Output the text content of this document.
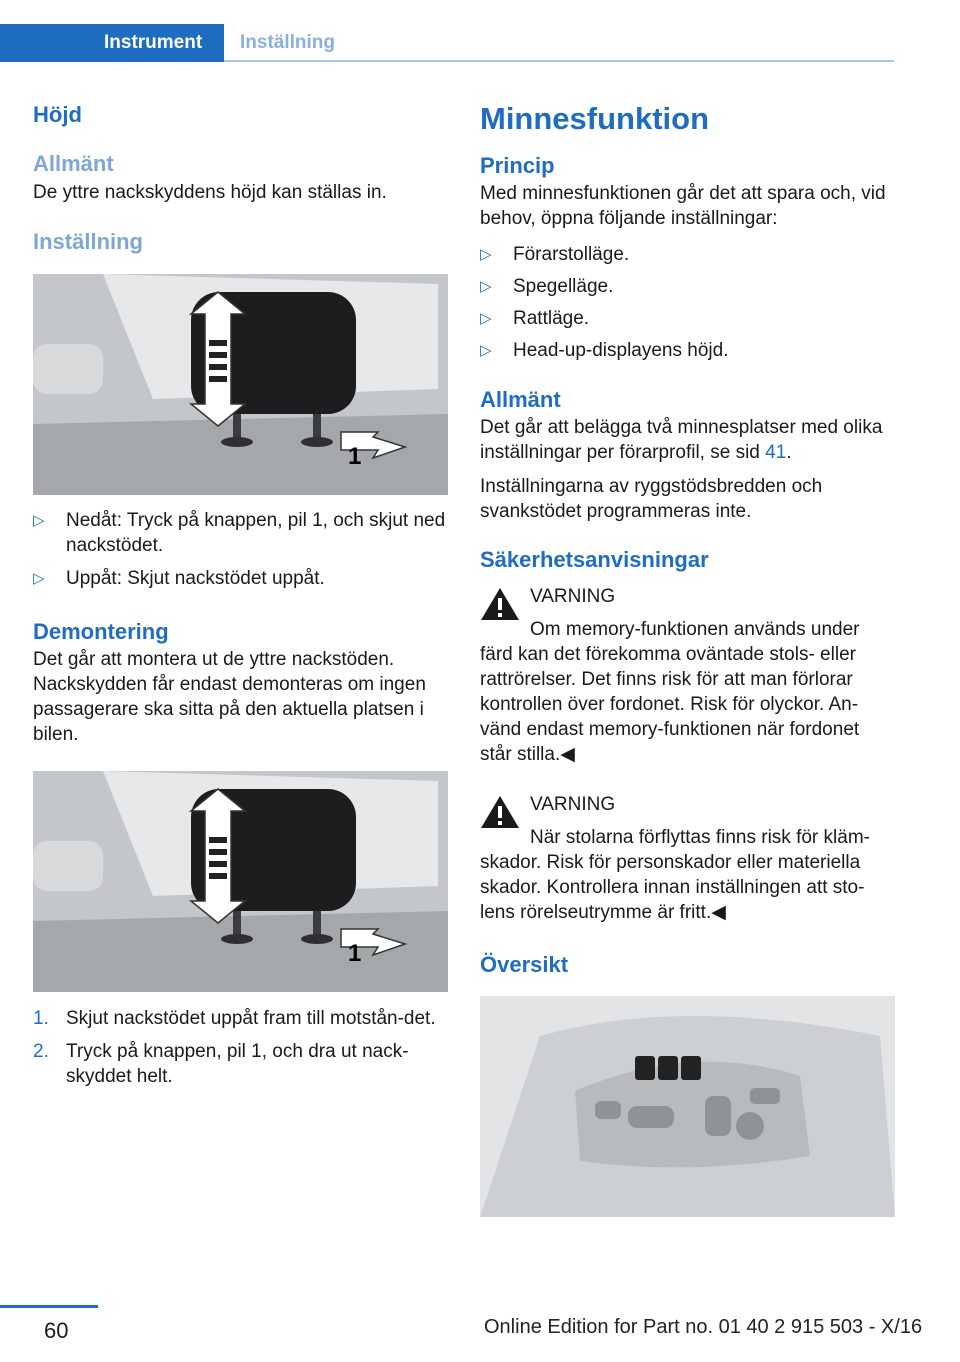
Instrument	Inställning
Höjd
Allmänt

De yttre nackskyddens höjd kan ställas in.

Inställning
1
▷ Nedåt: Tryck på knappen, pil 1, och skjut ned nackstödet.
▷ Uppåt: Skjut nackstödet uppåt.
Demontering

Det går att montera ut de yttre nackstöden. Nackskydden får endast demonteras om ingen passagerare ska sitta på den aktuella platsen i bilen.

1
1. Skjut nackstödet uppåt fram till motstån‐det.
2. Tryck på knappen, pil 1, och dra ut nack‐skyddet helt.
Minnesfunktion
Princip

Med minnesfunktionen går det att spara och, vid behov, öppna följande inställningar:

▷ Förarstolläge.
▷ Spegelläge.
▷ Rattläge.
▷ Head-up-displayens höjd.
Allmänt

Det går att belägga två minnesplatser med olika inställningar per förarprofil, se sid 41.

Inställningarna av ryggstödsbredden och svankstödet programmeras inte.

Säkerhetsanvisningar
VARNING
Om memory-funktionen används under

färd kan det förekomma oväntade stols- eller rattrörelser. Det finns risk för att man förlorar kontrollen över fordonet. Risk för olyckor. An‐vänd endast memory-funktionen när fordonet står stilla.◀

VARNING
När stolarna förflyttas finns risk för kläm‐

skador. Risk för personskador eller materiella skador. Kontrollera innan inställningen att sto‐lens rörelseutrymme är fritt.◀

Översikt
60	Online Edition for Part no. 01 40 2 915 503 - X/16
